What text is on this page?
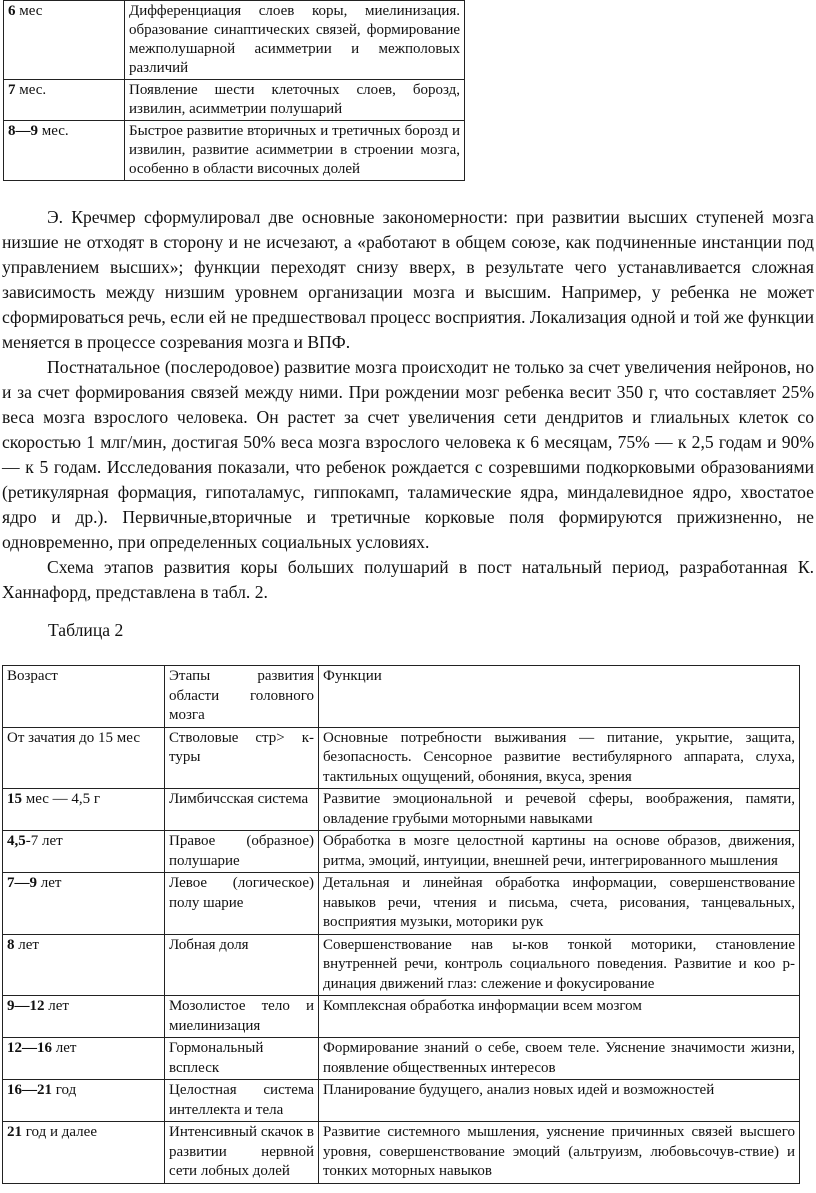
6 мес	Дифференциация слоев коры, миелинизация. образование синаптических связей, формирование межполушарной асимметрии и межполовых различий
7 мес.	Появление шести клеточных слоев, борозд, извилин, асимметрии полушарий
8—9 мес.	Быстрое развитие вторичных и третичных борозд и извилин, развитие асимметрии в строении мозга, особенно в области височных долей

Э. Кречмер сформулировал две основные закономерности: при развитии высших ступеней мозга низшие не отходят в сторону и не исчезают, а «работают в общем союзе, как подчиненные инстанции под управлением высших»; функции переходят снизу вверх, в результате чего устанавливается сложная зависимость между низшим уровнем организации мозга и высшим. Например, у ребенка не может сформироваться речь, если ей не предшествовал процесс восприятия. Локализация одной и той же функции меняется в процессе созревания мозга и ВПФ.

Постнатальное (послеродовое) развитие мозга происходит не только за счет увеличения нейронов, но и за счет формирования связей между ними. При рождении мозг ребенка весит 350 г, что составляет 25% веса мозга взрослого человека. Он растет за счет увеличения сети дендритов и глиальных клеток со скоростью 1 млг/мин, достигая 50% веса мозга взрослого человека к 6 месяцам, 75% — к 2,5 годам и 90% — к 5 годам. Исследования показали, что ребенок рождается с созревшими подкорковыми образованиями (ретикулярная формация, гипоталамус, гиппокамп, таламические ядра, миндалевидное ядро, хвостатое ядро и др.). Первичные,вторичные и третичные корковые поля формируются прижизненно, не одновременно, при определенных социальных условиях.

Схема этапов развития коры больших полушарий в пост натальный период, разработанная К. Ханнафорд, представлена в табл. 2.

Таблица 2
Возраст	Этапы развития области головного мозга	Функции
От зачатия до 15 мес	Стволовые стр> к-туры	Основные потребности выживания — питание, укрытие, защита, безопасность. Сенсорное развитие вестибулярного аппарата, слуха, тактильных ощущений, обоняния, вкуса, зрения
15 мес — 4,5 г	Лимбичсская система	Развитие эмоциональной и речевой сферы, воображения, памяти, овладение грубыми моторными навыками
4,5-7 лет	Правое (образное) полушарие	Обработка в мозге целостной картины на основе образов, движения, ритма, эмоций, интуиции, внешней речи, интегрированного мышления
7—9 лет	Левое (логическое) полу шарие	Детальная и линейная обработка информации, совершенствование навыков речи, чтения и письма, счета, рисования, танцевальных, восприятия музыки, моторики рук
8 лет	Лобная доля	Совершенствование нав ы-ков тонкой моторики, становление внутренней речи, контроль социального поведения. Развитие и коо р-динация движений глаз: слежение и фокусирование
9—12 лет	Мозолистое тело и миелинизация	Комплексная обработка информации всем мозгом
12—16 лет	Гормональный всплеск	Формирование знаний о себе, своем теле. Уяснение значимости жизни, появление общественных интересов
16—21 год	Целостная система интеллекта и тела	Планирование будущего, анализ новых идей и возможностей
21 год и далее	Интенсивный скачок в развитии нервной сети лобных долей	Развитие системного мышления, уяснение причинных связей высшего уровня, совершенствование эмоций (альтруизм, любовьсочув-ствие) и тонких моторных навыков
